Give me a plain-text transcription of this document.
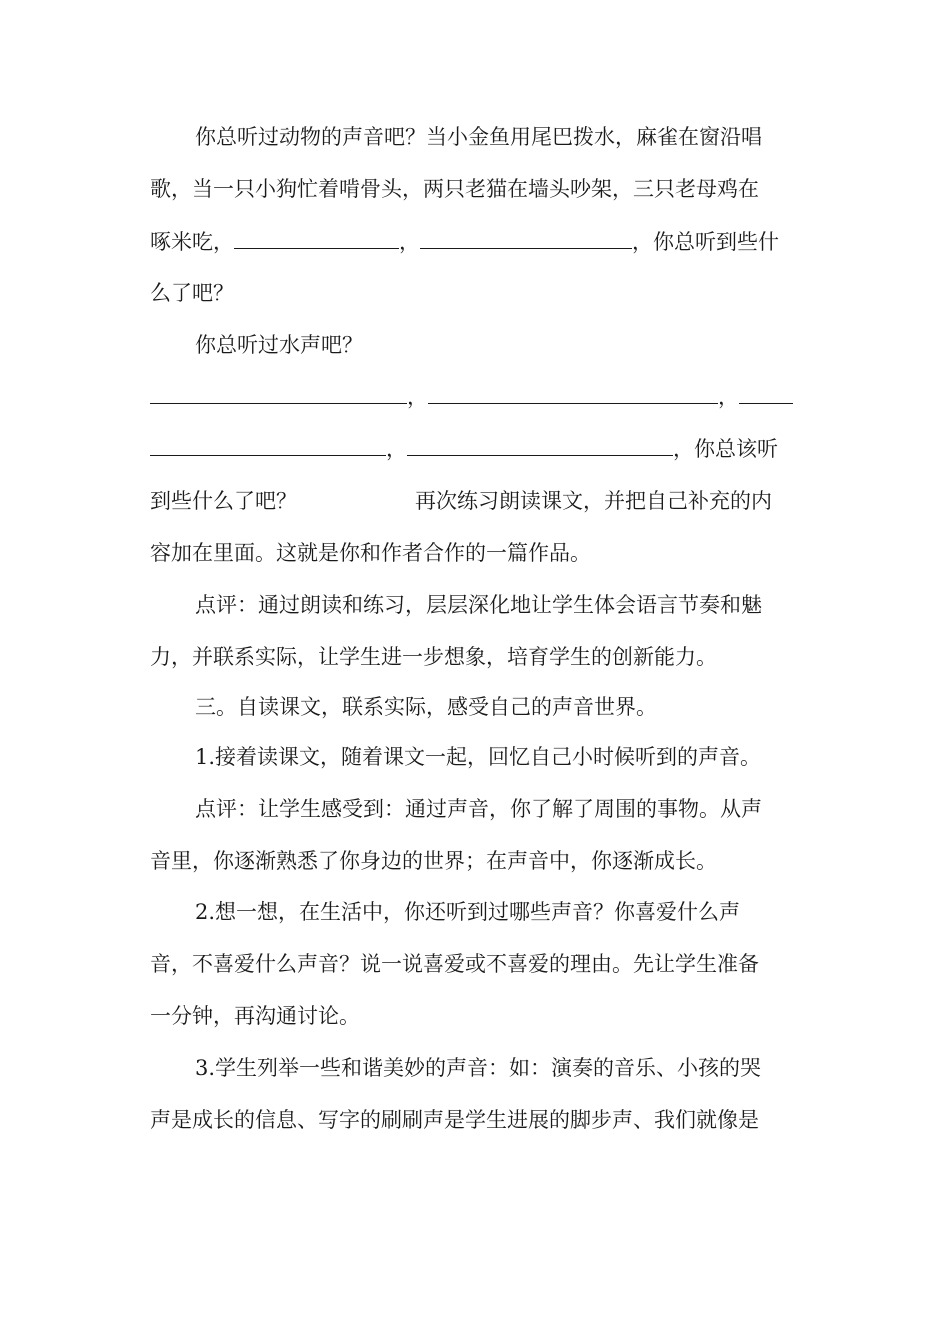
你总听过动物的声音吧？当小金鱼用尾巴拨水，麻雀在窗沿唱
歌，当一只小狗忙着啃骨头，两只老猫在墙头吵架，三只老母鸡在
啄米吃，	，	，你总听到些什
么了吧？
你总听过水声吧？
，	，
，	，你总该听
到些什么了吧？	再次练习朗读课文，并把自己补充的内
容加在里面。这就是你和作者合作的一篇作品。
点评：通过朗读和练习，层层深化地让学生体会语言节奏和魅
力，并联系实际，让学生进一步想象，培育学生的创新能力。
三。自读课文，联系实际，感受自己的声音世界。
1.接着读课文，随着课文一起，回忆自己小时候听到的声音。
点评：让学生感受到：通过声音，你了解了周围的事物。从声
音里，你逐渐熟悉了你身边的世界；在声音中，你逐渐成长。
2.想一想，在生活中，你还听到过哪些声音？你喜爱什么声
音，不喜爱什么声音？说一说喜爱或不喜爱的理由。先让学生准备
一分钟，再沟通讨论。
3.学生列举一些和谐美妙的声音：如：演奏的音乐、小孩的哭
声是成长的信息、写字的刷刷声是学生进展的脚步声、我们就像是
